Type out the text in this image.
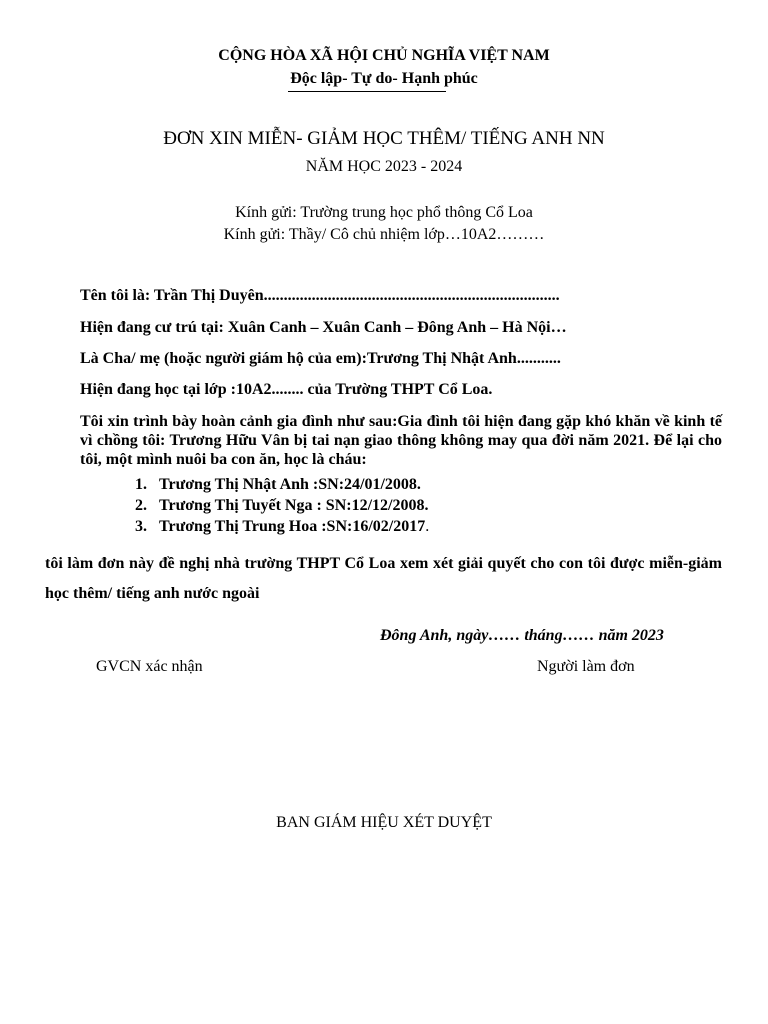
CỘNG HÒA XÃ HỘI CHỦ NGHĨA VIỆT NAM
Độc lập- Tự do- Hạnh phúc
ĐƠN XIN MIỄN- GIẢM HỌC THÊM/ TIẾNG ANH NN
NĂM HỌC 2023 - 2024
Kính gửi: Trường trung học phổ thông Cổ Loa
Kính gửi: Thầy/ Cô chủ nhiệm lớp…10A2………
Tên tôi là: Trần Thị Duyên..........................................................................
Hiện đang cư trú tại: Xuân Canh – Xuân Canh – Đông Anh – Hà Nội…
Là Cha/ mẹ (hoặc người giám hộ của em):Trương Thị Nhật Anh...........
Hiện đang học tại lớp :10A2........ của Trường THPT Cổ Loa.
Tôi xin trình bày hoàn cảnh gia đình như sau:Gia đình tôi hiện đang gặp khó khăn về kinh tế vì chồng tôi: Trương Hữu Vân bị tai nạn giao thông không may qua đời năm 2021. Để lại cho tôi, một mình nuôi ba con ăn, học là cháu:
1. Trương Thị Nhật Anh :SN:24/01/2008.
2. Trương Thị Tuyết Nga : SN:12/12/2008.
3. Trương Thị Trung Hoa :SN:16/02/2017.
tôi làm đơn này đề nghị nhà trường THPT Cổ Loa xem xét giải quyết cho con tôi được miễn-giảm học thêm/ tiếng anh nước ngoài
Đông Anh, ngày…… tháng…… năm 2023
GVCN xác nhận	Người làm đơn
BAN GIÁM HIỆU XÉT DUYỆT
